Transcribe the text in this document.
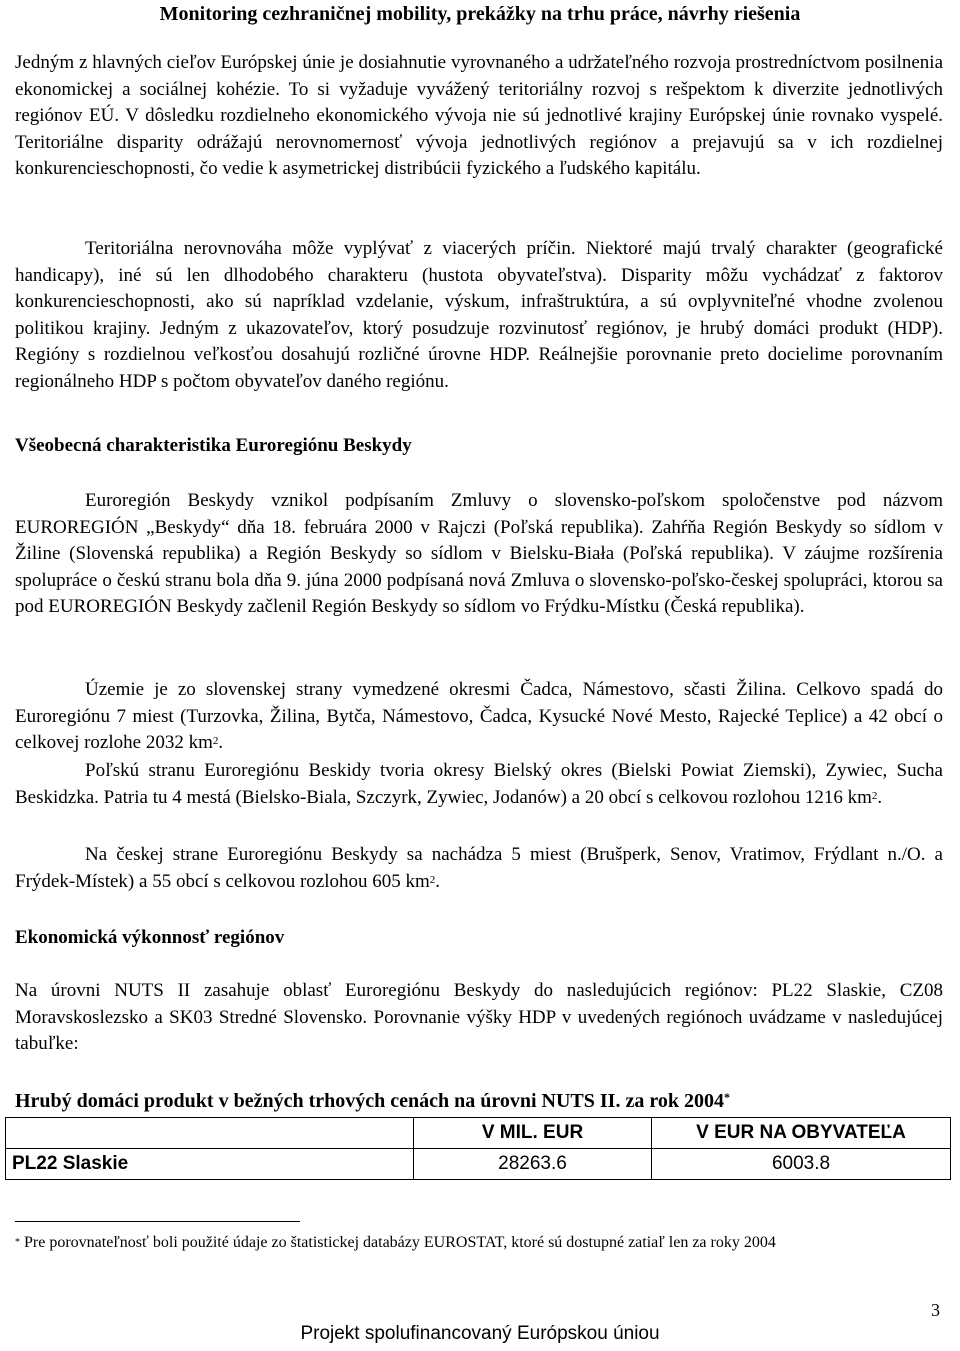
Monitoring cezhraničnej mobility, prekážky na trhu práce, návrhy riešenia

Jedným z hlavných cieľov Európskej únie je dosiahnutie vyrovnaného a udržateľného rozvoja prostredníctvom posilnenia ekonomickej a sociálnej kohézie. To si vyžaduje vyvážený teritoriálny rozvoj s rešpektom k diverzite jednotlivých regiónov EÚ. V dôsledku rozdielneho ekonomického vývoja nie sú jednotlivé krajiny Európskej únie rovnako vyspelé. Teritoriálne disparity odrážajú nerovnomernosť vývoja jednotlivých regiónov a prejavujú sa v ich rozdielnej konkurencieschopnosti, čo vedie k asymetrickej distribúcii fyzického a ľudského kapitálu.

Teritoriálna nerovnováha môže vyplývať z viacerých príčin. Niektoré majú trvalý charakter (geografické handicapy), iné sú len dlhodobého charakteru (hustota obyvateľstva). Disparity môžu vychádzať z faktorov konkurencieschopnosti, ako sú napríklad vzdelanie, výskum, infraštruktúra, a sú ovplyvniteľné vhodne zvolenou politikou krajiny. Jedným z ukazovateľov, ktorý posudzuje rozvinutosť regiónov, je hrubý domáci produkt (HDP). Regióny s rozdielnou veľkosťou dosahujú rozličné úrovne HDP. Reálnejšie porovnanie preto docielime porovnaním regionálneho HDP s počtom obyvateľov daného regiónu.

Všeobecná charakteristika Euroregiónu Beskydy

Euroregión Beskydy vznikol podpísaním Zmluvy o slovensko-poľskom spoločenstve pod názvom EUROREGIÓN „Beskydy“ dňa 18. februára 2000 v Rajczi (Poľská republika). Zahŕňa Región Beskydy so sídlom v Žiline (Slovenská republika) a Región Beskydy so sídlom v Bielsku-Biała (Poľská republika). V záujme rozšírenia spolupráce o českú stranu bola dňa 9. júna 2000 podpísaná nová Zmluva o slovensko-poľsko-českej spolupráci, ktorou sa pod EUROREGIÓN Beskydy začlenil Región Beskydy so sídlom vo Frýdku-Místku (Česká republika).

Územie je zo slovenskej strany vymedzené okresmi Čadca, Námestovo, sčasti Žilina. Celkovo spadá do Euroregiónu 7 miest (Turzovka, Žilina, Bytča, Námestovo, Čadca, Kysucké Nové Mesto, Rajecké Teplice) a 42 obcí o celkovej rozlohe 2032 $km^2$.

Poľskú stranu Euroregiónu Beskidy tvoria okresy Bielský okres (Bielski Powiat Ziemski), Zywiec, Sucha Beskidzka. Patria tu 4 mestá (Bielsko-Biala, Szczyrk, Zywiec, Jodanów) a 20 obcí s celkovou rozlohou 1216 $km^2$.

Na českej strane Euroregiónu Beskydy sa nachádza 5 miest (Brušperk, Senov, Vratimov, Frýdlant n./O. a Frýdek-Místek) a 55 obcí s celkovou rozlohou 605 $km^2$.

Ekonomická výkonnosť regiónov

Na úrovni NUTS II zasahuje oblasť Euroregiónu Beskydy do nasledujúcich regiónov: PL22 Slaskie, CZ08 Moravskoslezsko a SK03 Stredné Slovensko. Porovnanie výšky HDP v uvedených regiónoch uvádzame v nasledujúcej tabuľke:

Hrubý domáci produkt v bežných trhových cenách na úrovni NUTS II. za rok 2004*
	V MIL. EUR	V EUR NA OBYVATEĽA
PL22 Slaskie	28263.6	6003.8
* Pre porovnateľnosť boli použité údaje zo štatistickej databázy EUROSTAT, ktoré sú dostupné zatiaľ len za roky 2004
3
Projekt spolufinancovaný Európskou úniou
